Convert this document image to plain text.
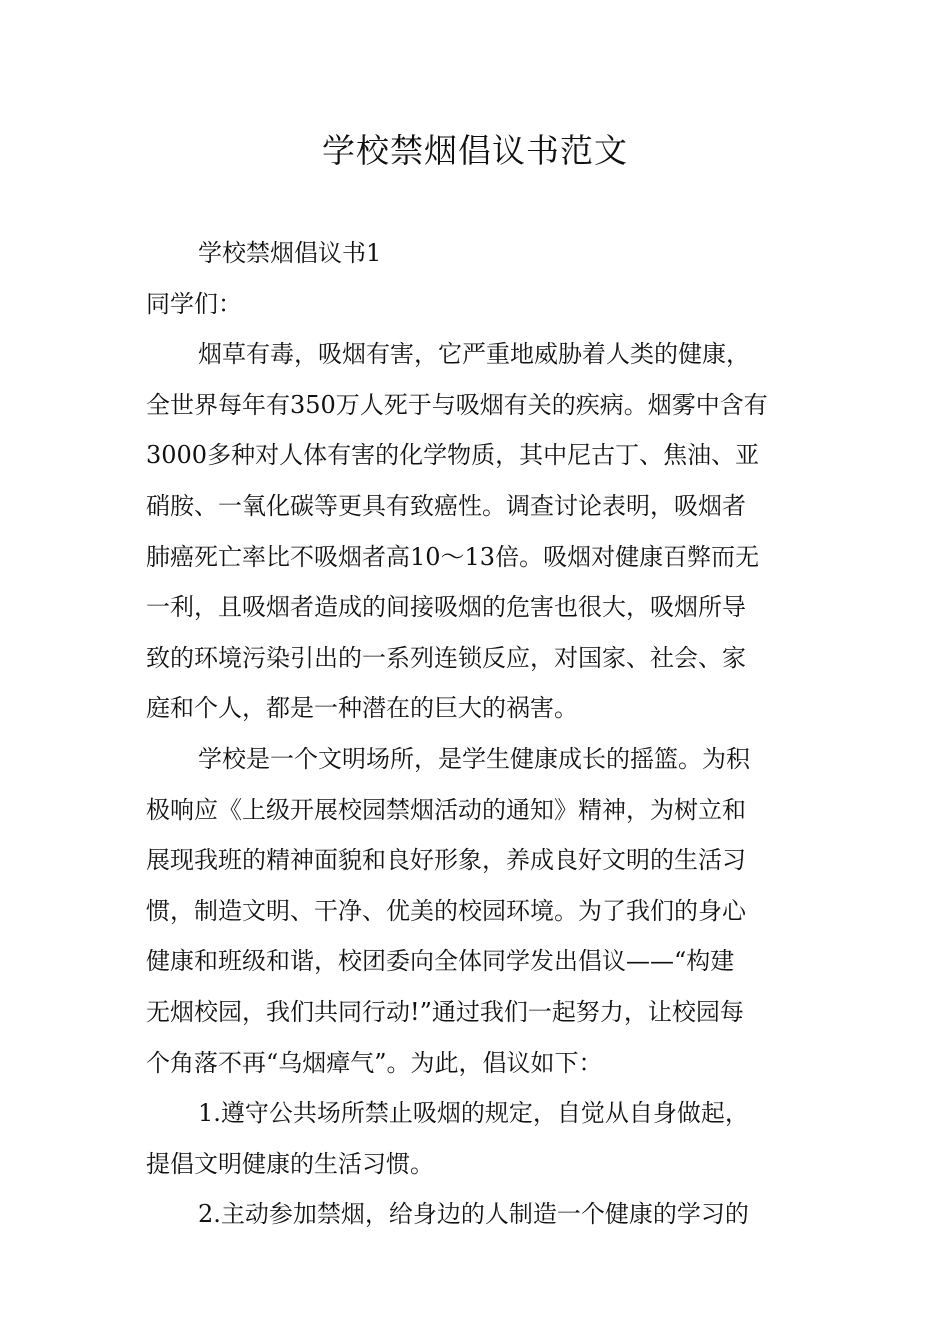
学校禁烟倡议书范文
学校禁烟倡议书1
同学们：
烟草有毒，吸烟有害，它严重地威胁着人类的健康，
全世界每年有350万人死于与吸烟有关的疾病。烟雾中含有
3000多种对人体有害的化学物质，其中尼古丁、焦油、亚
硝胺、一氧化碳等更具有致癌性。调查讨论表明，吸烟者
肺癌死亡率比不吸烟者高10～13倍。吸烟对健康百弊而无
一利，且吸烟者造成的间接吸烟的危害也很大，吸烟所导
致的环境污染引出的一系列连锁反应，对国家、社会、家
庭和个人，都是一种潜在的巨大的祸害。
学校是一个文明场所，是学生健康成长的摇篮。为积
极响应《上级开展校园禁烟活动的通知》精神，为树立和
展现我班的精神面貌和良好形象，养成良好文明的生活习
惯，制造文明、干净、优美的校园环境。为了我们的身心
健康和班级和谐，校团委向全体同学发出倡议——“构建
无烟校园，我们共同行动!”通过我们一起努力，让校园每
个角落不再“乌烟瘴气”。为此，倡议如下：
1.遵守公共场所禁止吸烟的规定，自觉从自身做起，
提倡文明健康的生活习惯。
2.主动参加禁烟，给身边的人制造一个健康的学习的
